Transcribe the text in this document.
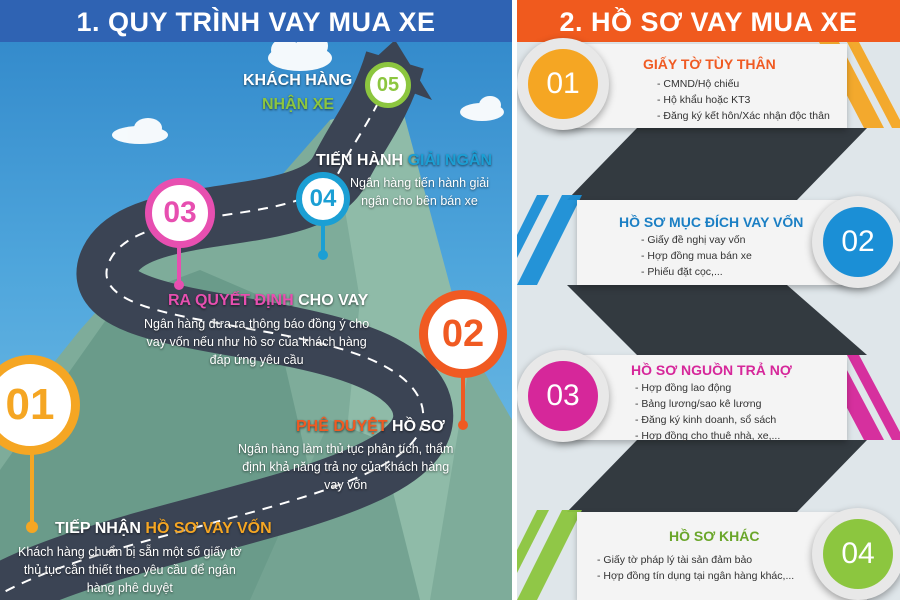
1. QUY TRÌNH VAY MUA XE
01
02
03	04
05
KHÁCH HÀNG
NHẬN XE
TIẾN HÀNH GIẢI NGÂN
Ngân hàng tiến hành giải
ngân cho bên bán xe
RA QUYẾT ĐỊNH CHO VAY
Ngân hàng đưa ra thông báo đồng ý cho
vay vốn nếu như hồ sơ của khách hàng
đáp ứng yêu cầu
PHÊ DUYỆT HỒ SƠ
Ngân hàng làm thủ tục phân tích, thẩm
định khả năng trả nợ của khách hàng
vay vốn
TIẾP NHẬN HỒ SƠ VAY VỐN
Khách hàng chuẩn bị sẵn một số giấy tờ
thủ tục cần thiết theo yêu cầu để ngân
hàng phê duyệt
2. HỒ SƠ VAY MUA XE
01
GIẤY TỜ TÙY THÂN
- CMND/Hộ chiếu
- Hộ khẩu hoặc KT3
- Đăng ký kết hôn/Xác nhận độc thân
02
HỒ SƠ MỤC ĐÍCH VAY VỐN
- Giấy đề nghị vay vốn
- Hợp đồng mua bán xe
- Phiếu đặt cọc,...
03
HỒ SƠ NGUỒN TRẢ NỢ
- Hợp đồng lao động
- Bảng lương/sao kê lương
- Đăng ký kinh doanh, sổ sách
- Hợp đồng cho thuê nhà, xe,...
04
HỒ SƠ KHÁC
- Giấy tờ pháp lý tài sản đảm bảo
- Hợp đồng tín dụng tại ngân hàng khác,...
